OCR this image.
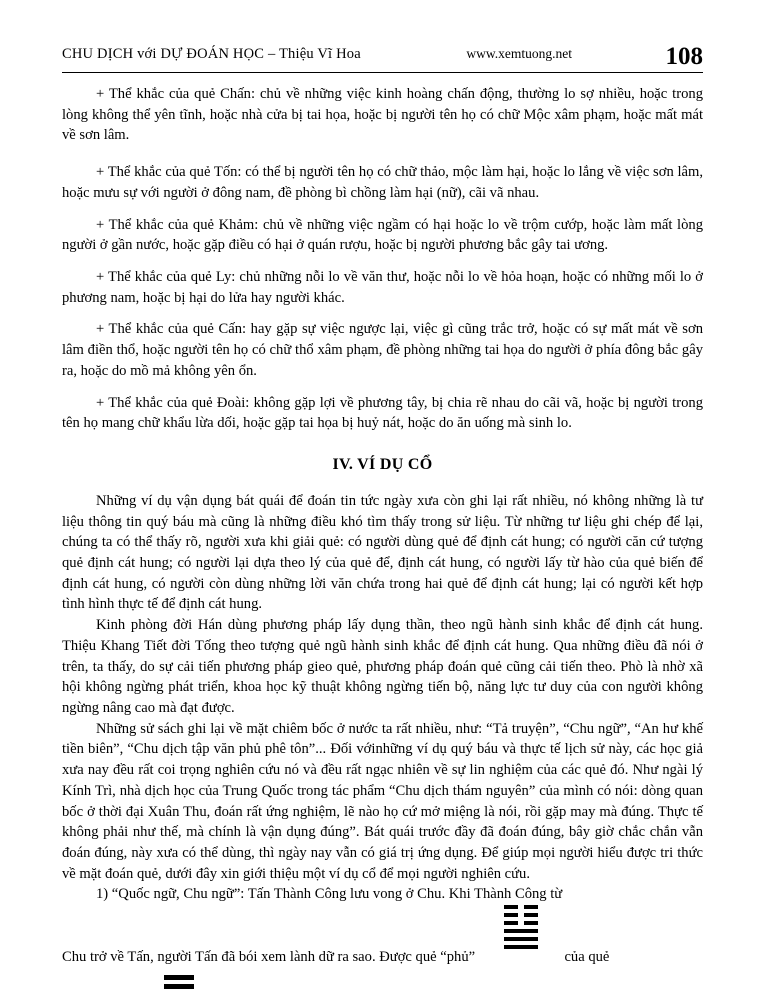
CHU DỊCH với DỰ ĐOÁN HỌC – Thiệu Vĩ Hoa	www.xemtuong.net	108

+ Thể khắc của quẻ Chấn: chủ về những việc kinh hoàng chấn động, thường lo sợ nhiều, hoặc trong lòng không thể yên tĩnh, hoặc nhà cửa bị tai họa, hoặc bị người tên họ có chữ Mộc xâm phạm, hoặc mất mát về sơn lâm.

+ Thể khắc của quẻ Tốn: có thể bị người tên họ có chữ thảo, mộc làm hại, hoặc lo lắng về việc sơn lâm, hoặc mưu sự với người ở đông nam, đề phòng bì chồng làm hại (nữ), cãi vã nhau.

+ Thể khắc của quẻ Khảm: chủ về những việc ngầm có hại hoặc lo về trộm cướp, hoặc làm mất lòng người ở gần nước, hoặc gặp điều có hại ở quán rượu, hoặc bị người phương bắc gây tai ương.

+ Thể khắc của quẻ Ly: chủ những nỗi lo về văn thư, hoặc nỗi lo về hỏa hoạn, hoặc có những mối lo ở phương nam, hoặc bị hại do lửa hay người khác.

+ Thể khắc của quẻ Cấn: hay gặp sự việc ngược lại, việc gì cũng trắc trở, hoặc có sự mất mát về sơn lâm điền thổ, hoặc người tên họ có chữ thổ xâm phạm, đề phòng những tai họa do người ở phía đông bắc gây ra, hoặc do mồ mả không yên ổn.

+ Thể khắc của quẻ Đoài: không gặp lợi về phương tây, bị chia rẽ nhau do cãi vã, hoặc bị người trong tên họ mang chữ khẩu lừa dối, hoặc gặp tai họa bị huỷ nát, hoặc do ăn uống mà sinh lo.

IV. VÍ DỤ CỔ

Những ví dụ vận dụng bát quái để đoán tin tức ngày xưa còn ghi lại rất nhiều, nó không những là tư liệu thông tin quý báu mà cũng là những điều khó tìm thấy trong sử liệu. Từ những tư liệu ghi chép để lại, chúng ta có thể thấy rõ, người xưa khi giải quẻ: có người dùng quẻ để định cát hung; có người căn cứ tượng quẻ định cát hung; có người lại dựa theo lý của quẻ để, định cát hung, có người lấy từ hào của quẻ biến để định cát hung, có người còn dùng những lời văn chứa trong hai quẻ để định cát hung; lại có người kết hợp tình hình thực tế để định cát hung.

Kinh phòng đời Hán dùng phương pháp lấy dụng thần, theo ngũ hành sinh khắc để định cát hung. Thiệu Khang Tiết đời Tống theo tượng quẻ ngũ hành sinh khắc để định cát hung. Qua những điều đã nói ở trên, ta thấy, do sự cải tiến phương pháp gieo quẻ, phương pháp đoán quẻ cũng cải tiến theo. Phò là nhờ xã hội không ngừng phát triển, khoa học kỹ thuật không ngừng tiến bộ, năng lực tư duy của con người không ngừng nâng cao mà đạt được.

Những sử sách ghi lại về mặt chiêm bốc ở nước ta rất nhiều, như: “Tả truyện”, “Chu ngữ”, “An hư khế tiền biên”, “Chu dịch tập văn phủ phê tôn”... Đối vớinhững ví dụ quý báu và thực tế lịch sử này, các học giả xưa nay đều rất coi trọng nghiên cứu nó và đều rất ngạc nhiên về sự lin nghiệm của các quẻ đó. Như ngài lý Kính Trì, nhà dịch học của Trung Quốc trong tác phẩm “Chu dịch thám nguyên” của mình có nói: dòng quan bốc ở thời đại Xuân Thu, đoán rất ứng nghiệm, lẽ nào họ cứ mở miệng là nói, rồi gặp may mà đúng. Thực tế không phải như thế, mà chính là vận dụng đúng”. Bát quái trước đầy đã đoán đúng, bây giờ chắc chắn vẫn đoán đúng, này xưa có thể dùng, thì ngày nay vẫn có giá trị ứng dụng. Để giúp mọi người hiểu được tri thức về mặt đoán quẻ, dưới đây xin giới thiệu một ví dụ cổ để mọi người nghiên cứu.

1) “Quốc ngữ, Chu ngữ”: Tấn Thành Công lưu vong ở Chu. Khi Thành Công từ

Chu trở về Tấn, người Tấn đã bói xem lành dữ ra sao. Được quẻ “phủ”	của quẻ
